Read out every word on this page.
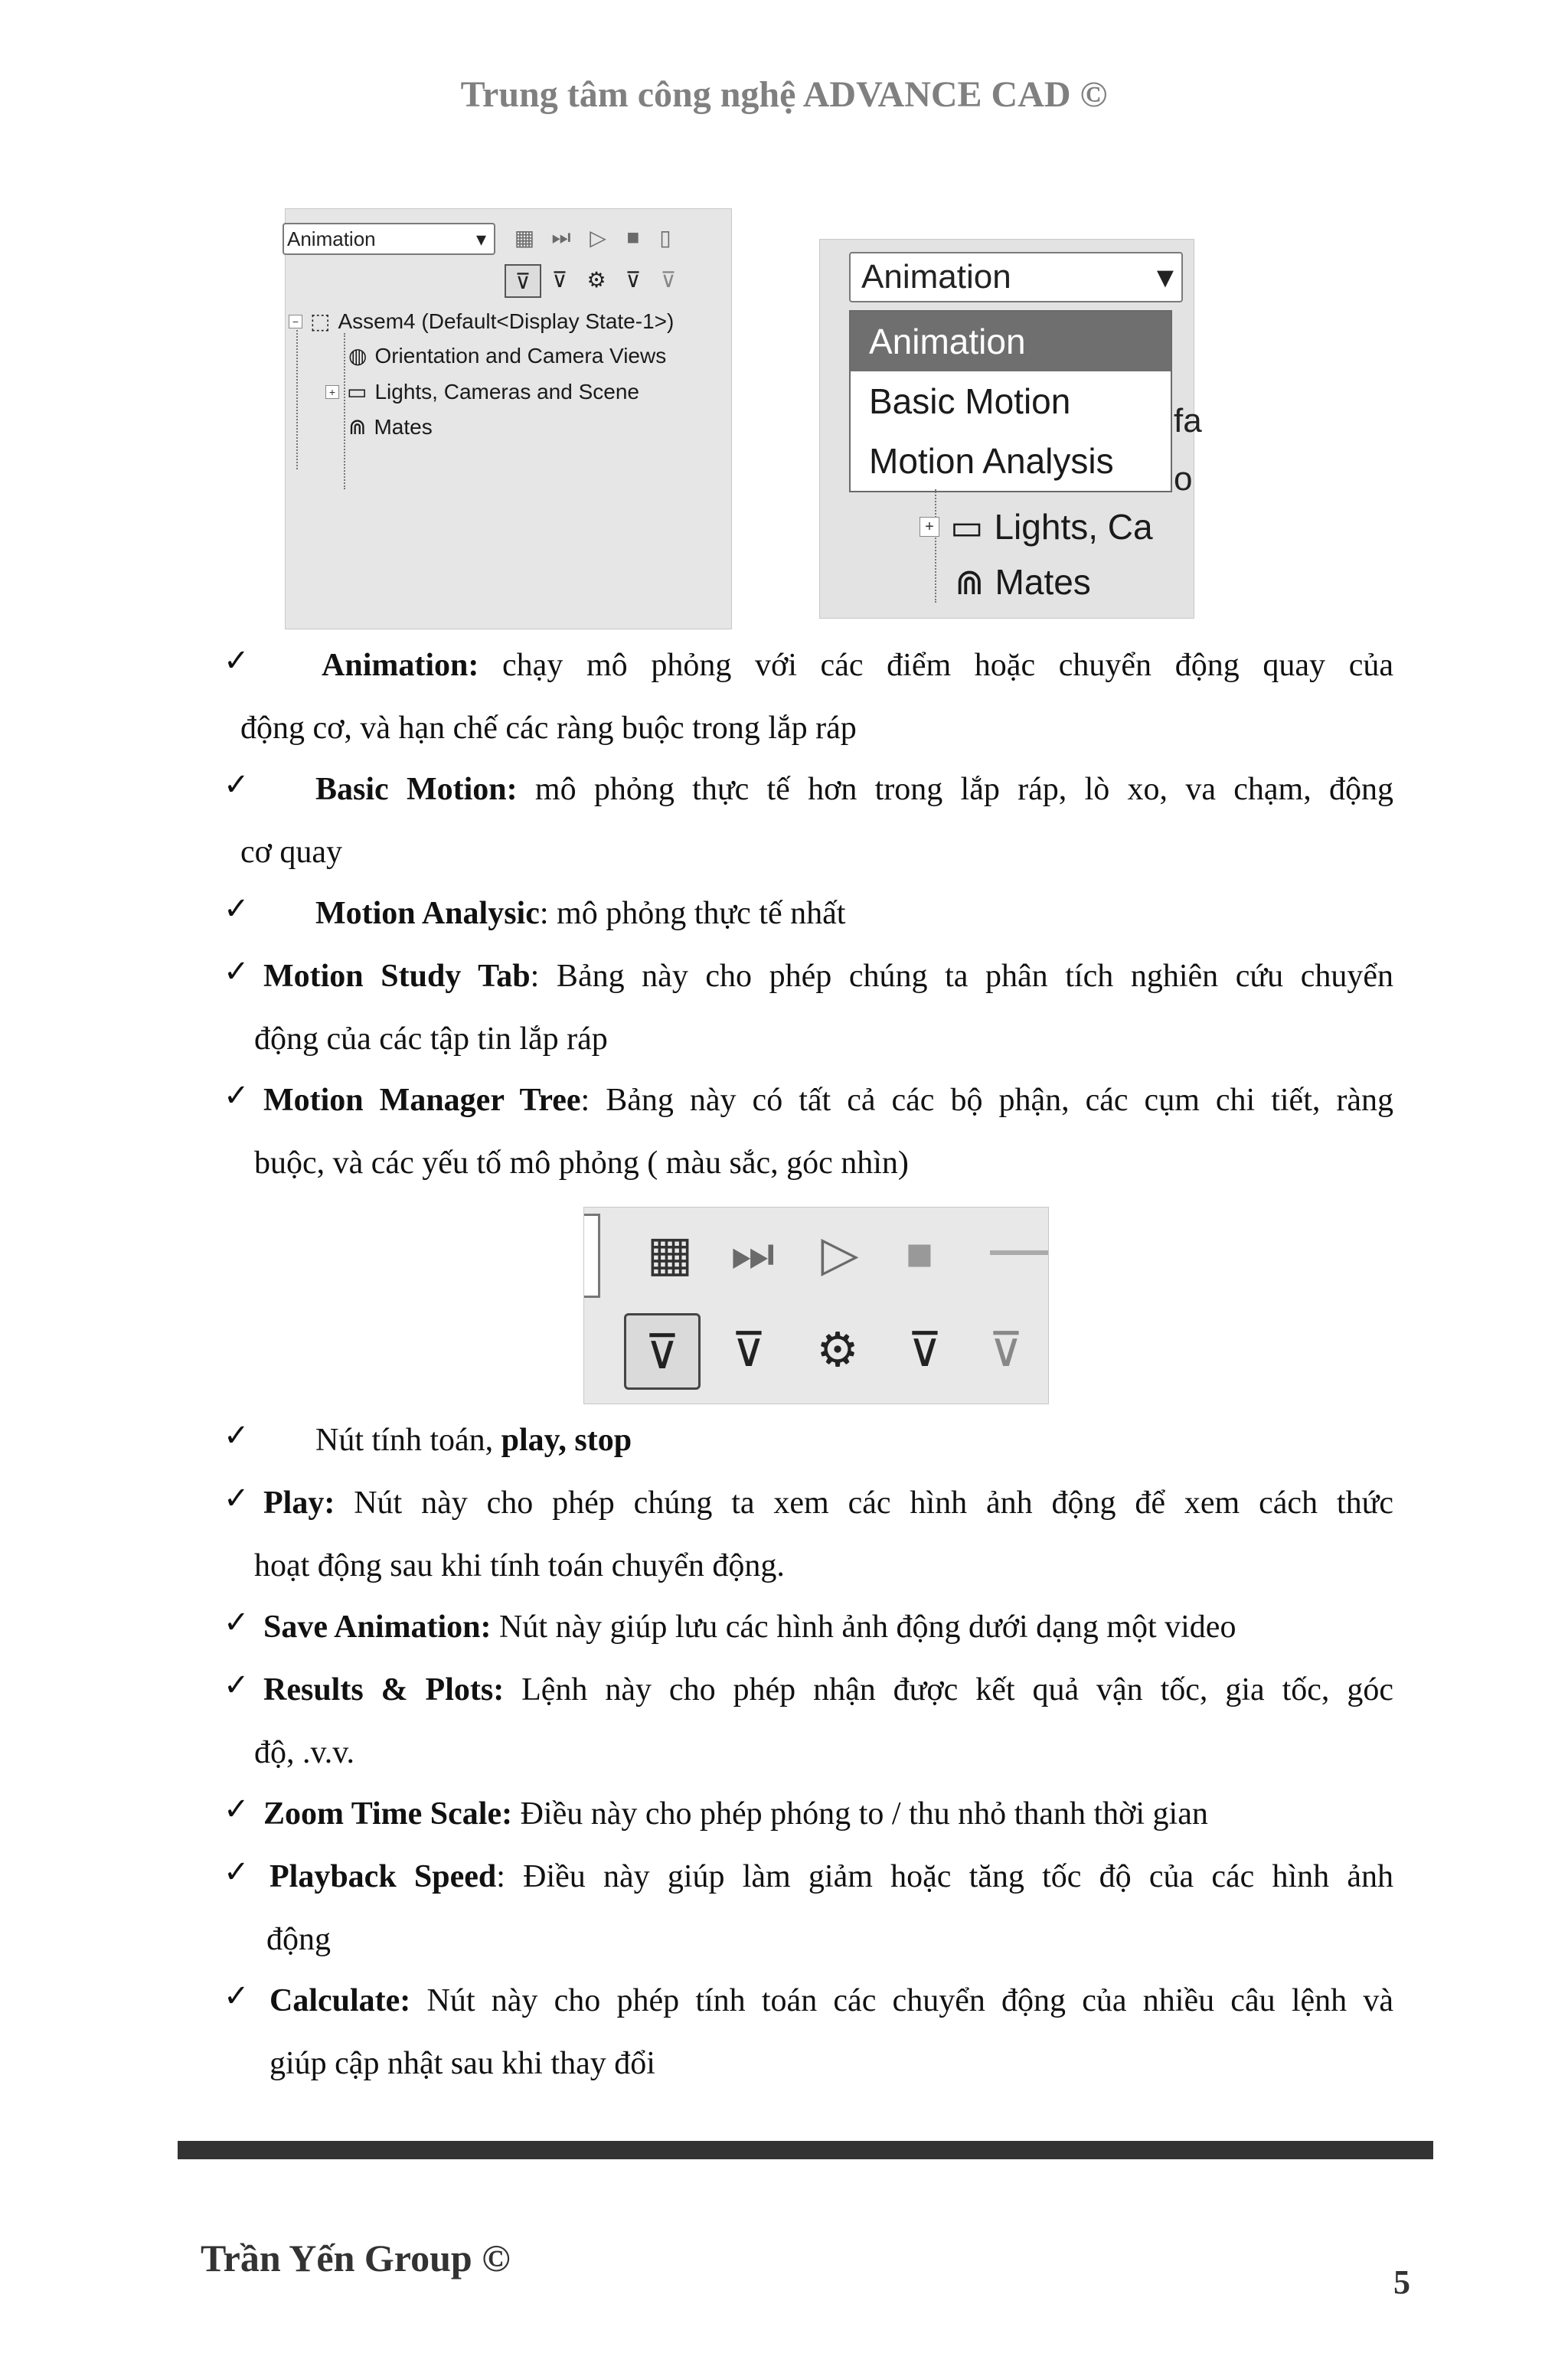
Trung tâm công nghệ ADVANCE CAD ©
Animation	▾	▦ ⏭ ▷ ■ ▯
⊽ ⊽ ⚙ ⊽ ⊽
− ⬚ Assem4 (Default<Display State-1>)
◍ Orientation and Camera Views
+ ▭ Lights, Cameras and Scene
⋒ Mates
Animation	▾
Animation
Basic Motion
Motion Analysis
fa
o
+ ▭ Lights, Ca
⋒ Mates
✓ Animation: chạy mô phỏng với các điểm hoặc chuyển động quay của
động cơ, và hạn chế các ràng buộc trong lắp ráp
✓ Basic Motion: mô phỏng thực tế hơn trong lắp ráp, lò xo, va chạm, động
cơ quay
✓ Motion Analysic: mô phỏng thực tế nhất
✓ Motion Study Tab: Bảng này cho phép chúng ta phân tích nghiên cứu chuyển
động của các tập tin lắp ráp
✓ Motion Manager Tree: Bảng này có tất cả các bộ phận, các cụm chi tiết, ràng
buộc, và các yếu tố mô phỏng ( màu sắc, góc nhìn)
▦ ⏭ ▷	■
⊽	⊽	⚙	⊽ ⊽
✓ Nút tính toán, play, stop
✓ Play: Nút này cho phép chúng ta xem các hình ảnh động để xem cách thức
hoạt động sau khi tính toán chuyển động.
✓ Save Animation: Nút này giúp lưu các hình ảnh động dưới dạng một video
✓ Results & Plots: Lệnh này cho phép nhận được kết quả vận tốc, gia tốc, góc
độ, .v.v.
✓ Zoom Time Scale: Điều này cho phép phóng to / thu nhỏ thanh thời gian
✓ Playback Speed: Điều này giúp làm giảm hoặc tăng tốc độ của các hình ảnh
động
✓ Calculate: Nút này cho phép tính toán các chuyển động của nhiều câu lệnh và
giúp cập nhật sau khi thay đổi
Trần Yến Group ©
5
